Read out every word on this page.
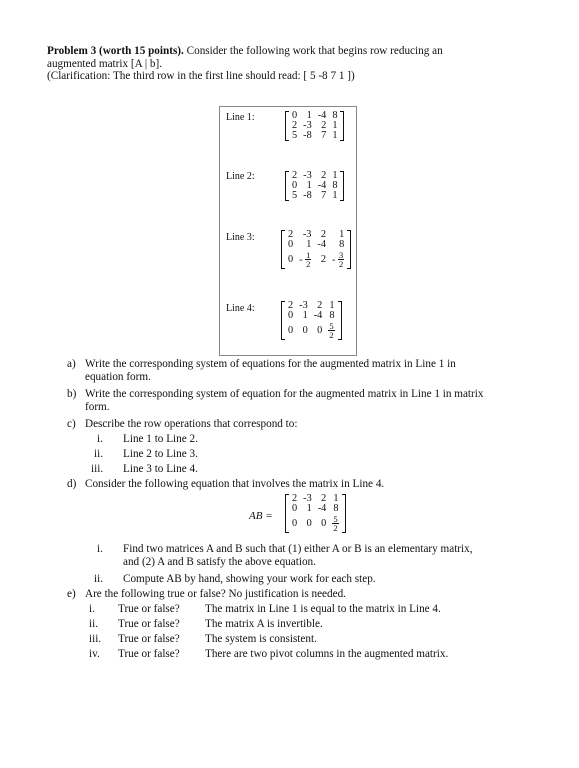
Problem 3 (worth 15 points). Consider the following work that begins row reducing an
augmented matrix [A | b].
(Clarification: The third row in the first line should read: [ 5 -8 7 1 ])
Line 1:
Line 2:
Line 3:
Line 4:
0	1	-4	8
2	-3	2	1
5	-8	7	1
2	-3	2	1
0	1	-4	8
5	-8	7	1
2	-3	2	1
0	1	-4	8
0	- $\frac{1}{2}$	2	- $\frac{3}{2}$
2	-3	2	1
0	1	-4	8
0	0	0	$\frac{5}{2}$
a) Write the corresponding system of equations for the augmented matrix in Line 1 in
equation form.
b) Write the corresponding system of equation for the augmented matrix in Line 1 in matrix
form.
c) Describe the row operations that correspond to:
i. Line 1 to Line 2.
ii. Line 2 to Line 3.
iii. Line 3 to Line 4.
d) Consider the following equation that involves the matrix in Line 4.
AB =
2	-3	2	1
0	1	-4	8
0	0	0	$\frac{5}{2}$
i. Find two matrices A and B such that (1) either A or B is an elementary matrix,
and (2) A and B satisfy the above equation.
ii. Compute AB by hand, showing your work for each step.
e) Are the following true or false? No justification is needed.
i. True or false? The matrix in Line 1 is equal to the matrix in Line 4.
ii. True or false? The matrix A is invertible.
iii. True or false? The system is consistent.
iv. True or false? There are two pivot columns in the augmented matrix.
